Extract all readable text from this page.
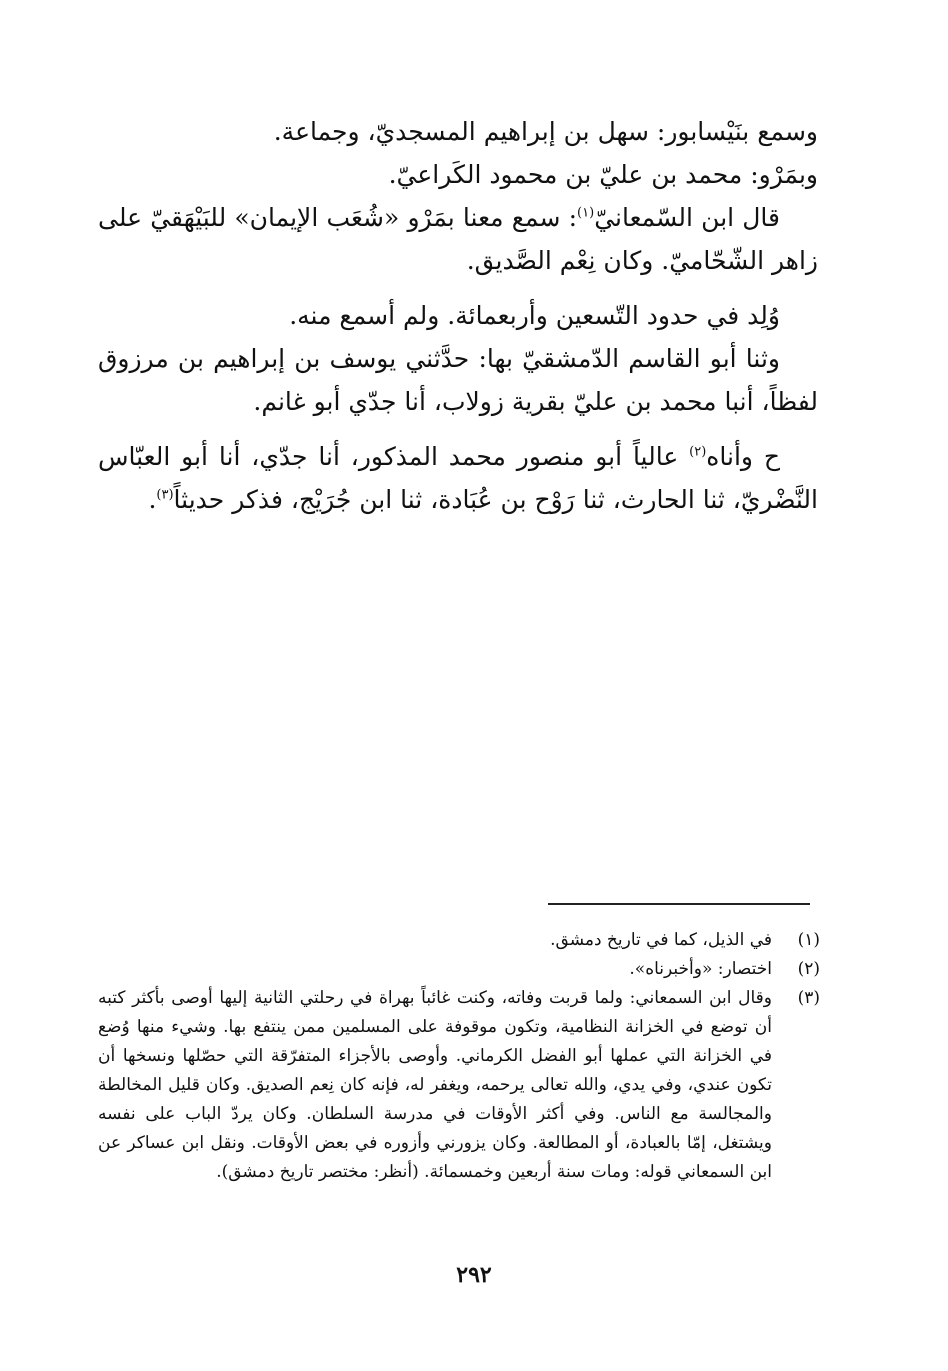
وسمع بنَيْسابور: سهل بن إبراهيم المسجديّ، وجماعة.
وبمَرْو: محمد بن عليّ بن محمود الكَراعيّ.

قال ابن السّمعانيّ$^{(١)}$: سمع معنا بمَرْو «شُعَب الإيمان» للبَيْهَقيّ على زاهر الشّحّاميّ. وكان نِعْم الصَّديق.

وُلِد في حدود التّسعين وأربعمائة. ولم أسمع منه.

وثنا أبو القاسم الدّمشقيّ بها: حدَّثني يوسف بن إبراهيم بن مرزوق لفظاً، أنبا محمد بن عليّ بقرية زولاب، أنا جدّي أبو غانم.

ح وأناه$^{(٢)}$ عالياً أبو منصور محمد المذكور، أنا جدّي، أنا أبو العبّاس النَّضْريّ، ثنا الحارث، ثنا رَوْح بن عُبَادة، ثنا ابن جُرَيْج، فذكر حديثاً$^{(٣)}$.

(١)
في الذيل، كما في تاريخ دمشق.
(٢)
اختصار: «وأخبرناه».
(٣)
وقال ابن السمعاني: ولما قربت وفاته، وكنت غائباً بهراة في رحلتي الثانية إليها أوصى بأكثر كتبه أن توضع في الخزانة النظامية، وتكون موقوفة على المسلمين ممن ينتفع بها. وشيء منها وُضع في الخزانة التي عملها أبو الفضل الكرماني. وأوصى بالأجزاء المتفرّقة التي حصّلها ونسخها أن تكون عندي، وفي يدي، والله تعالى يرحمه، ويغفر له، فإنه كان نِعم الصديق. وكان قليل المخالطة والمجالسة مع الناس. وفي أكثر الأوقات في مدرسة السلطان. وكان يردّ الباب على نفسه ويشتغل، إمّا بالعبادة، أو المطالعة. وكان يزورني وأزوره في بعض الأوقات. ونقل ابن عساكر عن ابن السمعاني قوله: ومات سنة أربعين وخمسمائة. (أنظر: مختصر تاريخ دمشق).
٢٩٢
